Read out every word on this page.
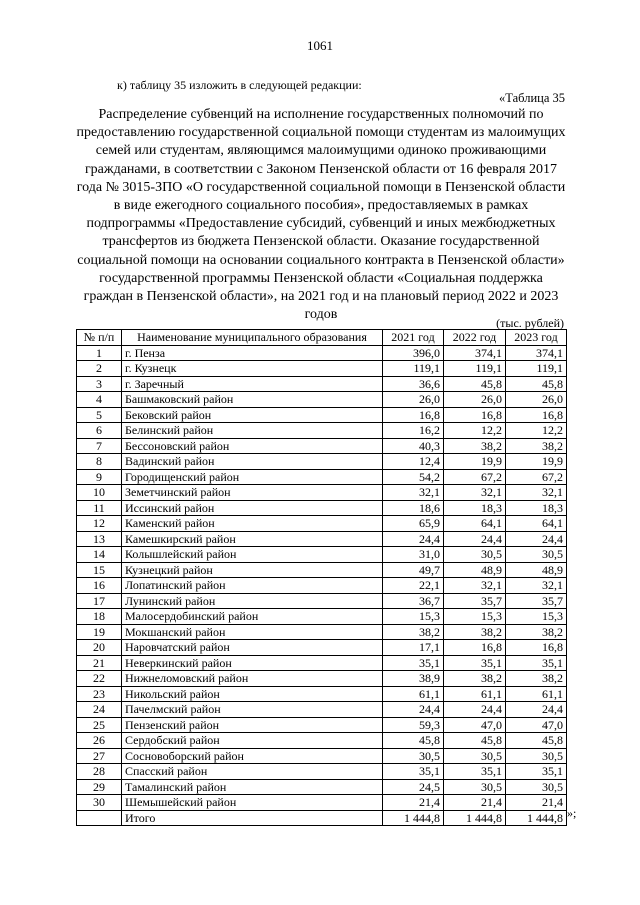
1061
к) таблицу 35 изложить в следующей редакции:
«Таблица 35
Распределение субвенций на исполнение государственных полномочий по предоставлению государственной социальной помощи студентам из малоимущих семей или студентам, являющимся малоимущими одиноко проживающими гражданами, в соответствии с Законом Пензенской области от 16 февраля 2017 года № 3015-ЗПО «О государственной социальной помощи в Пензенской области в виде ежегодного социального пособия», предоставляемых в рамках подпрограммы «Предоставление субсидий, субвенций и иных межбюджетных трансфертов из бюджета Пензенской области. Оказание государственной социальной помощи на основании социального контракта в Пензенской области» государственной программы Пензенской области «Социальная поддержка граждан в Пензенской области», на 2021 год и на плановый период 2022 и 2023 годов
(тыс. рублей)
№ п/п	Наименование муниципального образования	2021 год	2022 год	2023 год
1	г. Пенза	396,0	374,1	374,1
2	г. Кузнецк	119,1	119,1	119,1
3	г. Заречный	36,6	45,8	45,8
4	Башмаковский район	26,0	26,0	26,0
5	Бековский район	16,8	16,8	16,8
6	Белинский район	16,2	12,2	12,2
7	Бессоновский район	40,3	38,2	38,2
8	Вадинский район	12,4	19,9	19,9
9	Городищенский район	54,2	67,2	67,2
10	Земетчинский район	32,1	32,1	32,1
11	Иссинский район	18,6	18,3	18,3
12	Каменский район	65,9	64,1	64,1
13	Камешкирский район	24,4	24,4	24,4
14	Колышлейский район	31,0	30,5	30,5
15	Кузнецкий район	49,7	48,9	48,9
16	Лопатинский район	22,1	32,1	32,1
17	Лунинский район	36,7	35,7	35,7
18	Малосердобинский район	15,3	15,3	15,3
19	Мокшанский район	38,2	38,2	38,2
20	Наровчатский район	17,1	16,8	16,8
21	Неверкинский район	35,1	35,1	35,1
22	Нижнеломовский район	38,9	38,2	38,2
23	Никольский район	61,1	61,1	61,1
24	Пачелмский район	24,4	24,4	24,4
25	Пензенский район	59,3	47,0	47,0
26	Сердобский район	45,8	45,8	45,8
27	Сосновоборский район	30,5	30,5	30,5
28	Спасский район	35,1	35,1	35,1
29	Тамалинский район	24,5	30,5	30,5
30	Шемышейский район	21,4	21,4	21,4
	Итого	1 444,8	1 444,8	1 444,8 »;
